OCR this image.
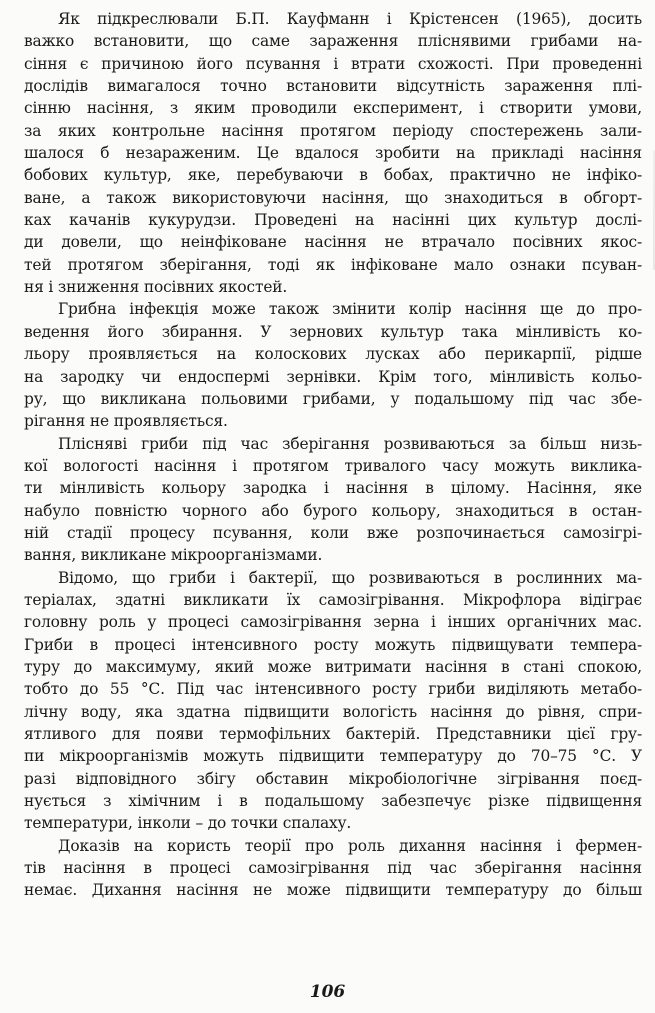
Як підкреслювали Б.П. Кауфманн і Крістенсен (1965), досить
важко встановити, що саме зараження пліснявими грибами на-
сіння є причиною його псування і втрати схожості. При проведенні
дослідів вимагалося точно встановити відсутність зараження плі-
сінню насіння, з яким проводили експеримент, і створити умови,
за яких контрольне насіння протягом періоду спостережень зали-
шалося б незараженим. Це вдалося зробити на прикладі насіння
бобових культур, яке, перебуваючи в бобах, практично не інфіко-
ване, а також використовуючи насіння, що знаходиться в обгорт-
ках качанів кукурудзи. Проведені на насінні цих культур дослі-
ди довели, що неінфіковане насіння не втрачало посівних якос-
тей протягом зберігання, тоді як інфіковане мало ознаки псуван-
ня і зниження посівних якостей.
Грибна інфекція може також змінити колір насіння ще до про-
ведення його збирання. У зернових культур така мінливість ко-
льору проявляється на колоскових лусках або перикарпії, рідше
на зародку чи ендоспермі зернівки. Крім того, мінливість кольо-
ру, що викликана польовими грибами, у подальшому під час збе-
рігання не проявляється.
Плісняві гриби під час зберігання розвиваються за більш низь-
кої вологості насіння і протягом тривалого часу можуть виклика-
ти мінливість кольору зародка і насіння в цілому. Насіння, яке
набуло повністю чорного або бурого кольору, знаходиться в остан-
ній стадії процесу псування, коли вже розпочинається самозігрі-
вання, викликане мікроорганізмами.
Відомо, що гриби і бактерії, що розвиваються в рослинних ма-
теріалах, здатні викликати їх самозігрівання. Мікрофлора відіграє
головну роль у процесі самозігрівання зерна і інших органічних мас.
Гриби в процесі інтенсивного росту можуть підвищувати темпера-
туру до максимуму, який може витримати насіння в стані спокою,
тобто до 55 °С. Під час інтенсивного росту гриби виділяють метабо-
лічну воду, яка здатна підвищити вологість насіння до рівня, спри-
ятливого для появи термофільних бактерій. Представники цієї гру-
пи мікроорганізмів можуть підвищити температуру до 70–75 °С. У
разі відповідного збігу обставин мікробіологічне зігрівання поєд-
нується з хімічним і в подальшому забезпечує різке підвищення
температури, інколи – до точки спалаху.
Доказів на користь теорії про роль дихання насіння і фермен-
тів насіння в процесі самозігрівання під час зберігання насіння
немає. Дихання насіння не може підвищити температуру до більш
106
